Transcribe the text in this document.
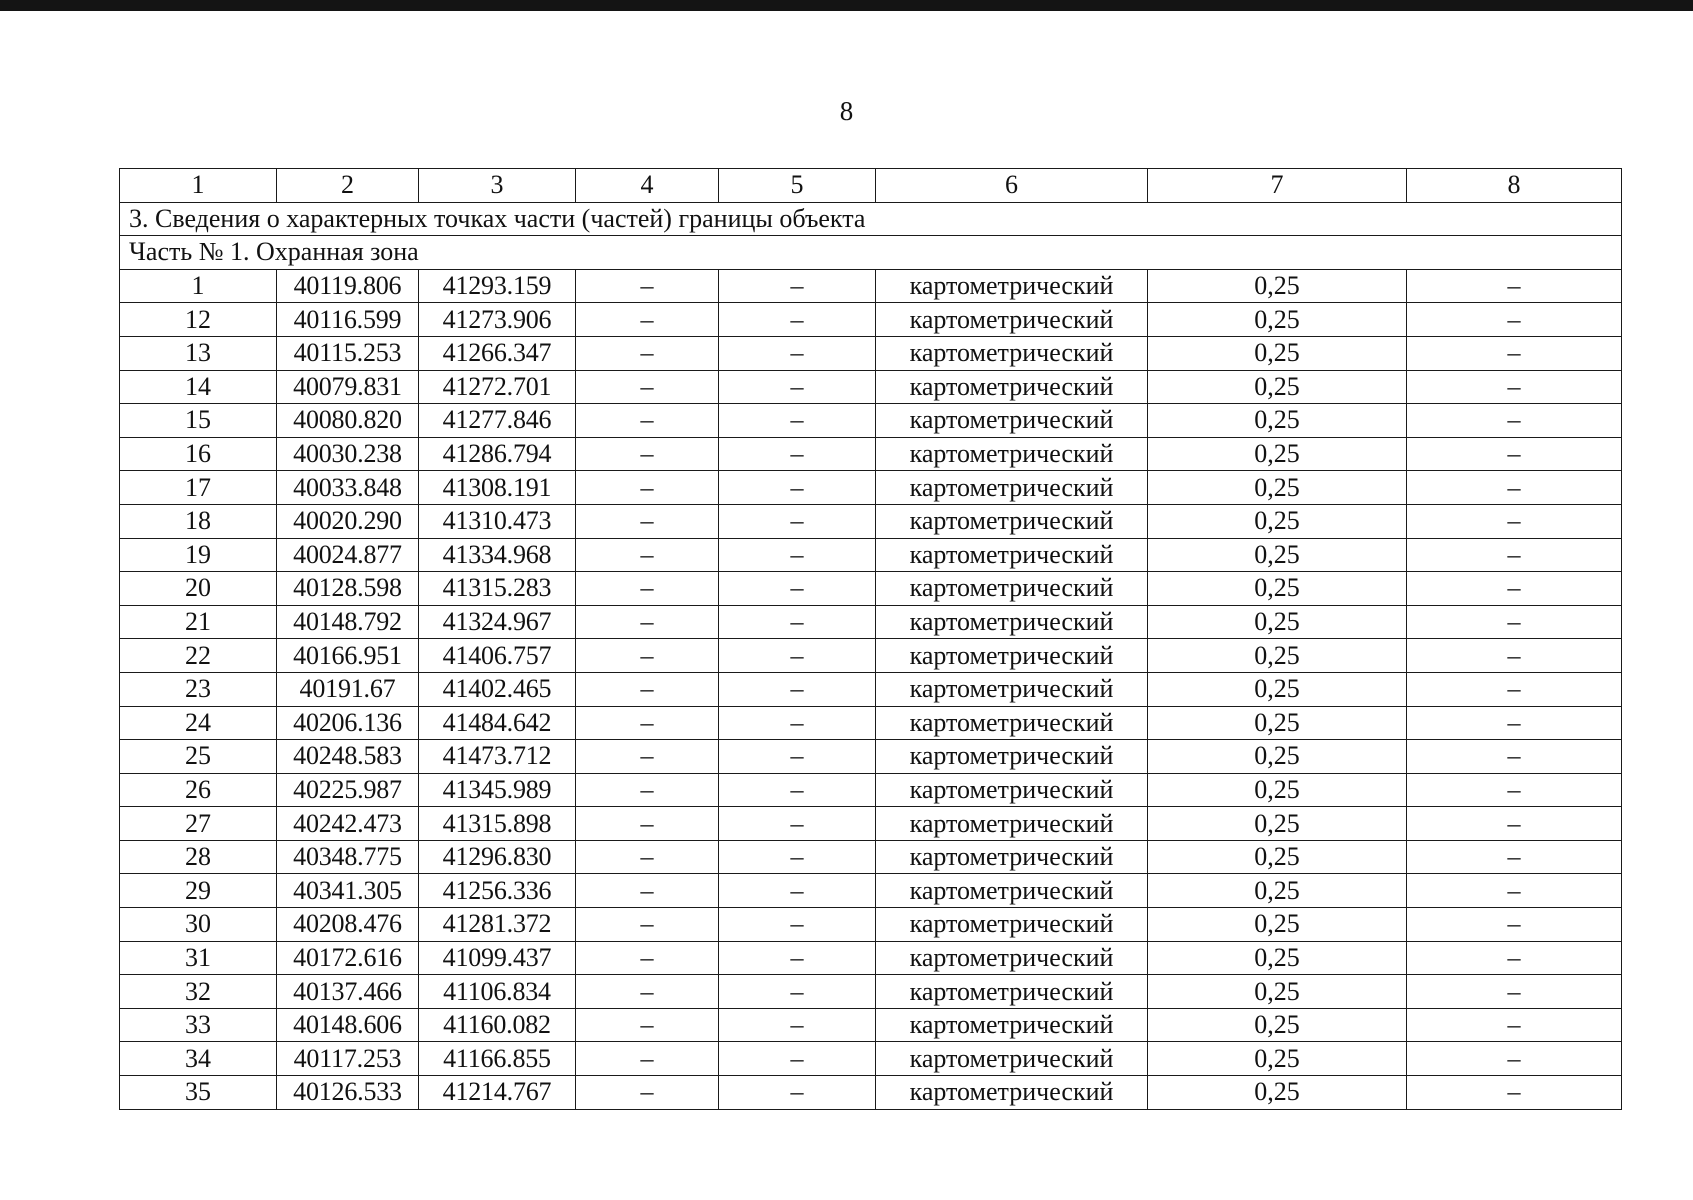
8
1	2	3	4	5	6	7	8
3. Сведения о характерных точках части (частей) границы объекта							
Часть № 1. Охранная зона							
1	40119.806	41293.159	–	–	картометрический	0,25	–
12	40116.599	41273.906	–	–	картометрический	0,25	–
13	40115.253	41266.347	–	–	картометрический	0,25	–
14	40079.831	41272.701	–	–	картометрический	0,25	–
15	40080.820	41277.846	–	–	картометрический	0,25	–
16	40030.238	41286.794	–	–	картометрический	0,25	–
17	40033.848	41308.191	–	–	картометрический	0,25	–
18	40020.290	41310.473	–	–	картометрический	0,25	–
19	40024.877	41334.968	–	–	картометрический	0,25	–
20	40128.598	41315.283	–	–	картометрический	0,25	–
21	40148.792	41324.967	–	–	картометрический	0,25	–
22	40166.951	41406.757	–	–	картометрический	0,25	–
23	40191.67	41402.465	–	–	картометрический	0,25	–
24	40206.136	41484.642	–	–	картометрический	0,25	–
25	40248.583	41473.712	–	–	картометрический	0,25	–
26	40225.987	41345.989	–	–	картометрический	0,25	–
27	40242.473	41315.898	–	–	картометрический	0,25	–
28	40348.775	41296.830	–	–	картометрический	0,25	–
29	40341.305	41256.336	–	–	картометрический	0,25	–
30	40208.476	41281.372	–	–	картометрический	0,25	–
31	40172.616	41099.437	–	–	картометрический	0,25	–
32	40137.466	41106.834	–	–	картометрический	0,25	–
33	40148.606	41160.082	–	–	картометрический	0,25	–
34	40117.253	41166.855	–	–	картометрический	0,25	–
35	40126.533	41214.767	–	–	картометрический	0,25	–
